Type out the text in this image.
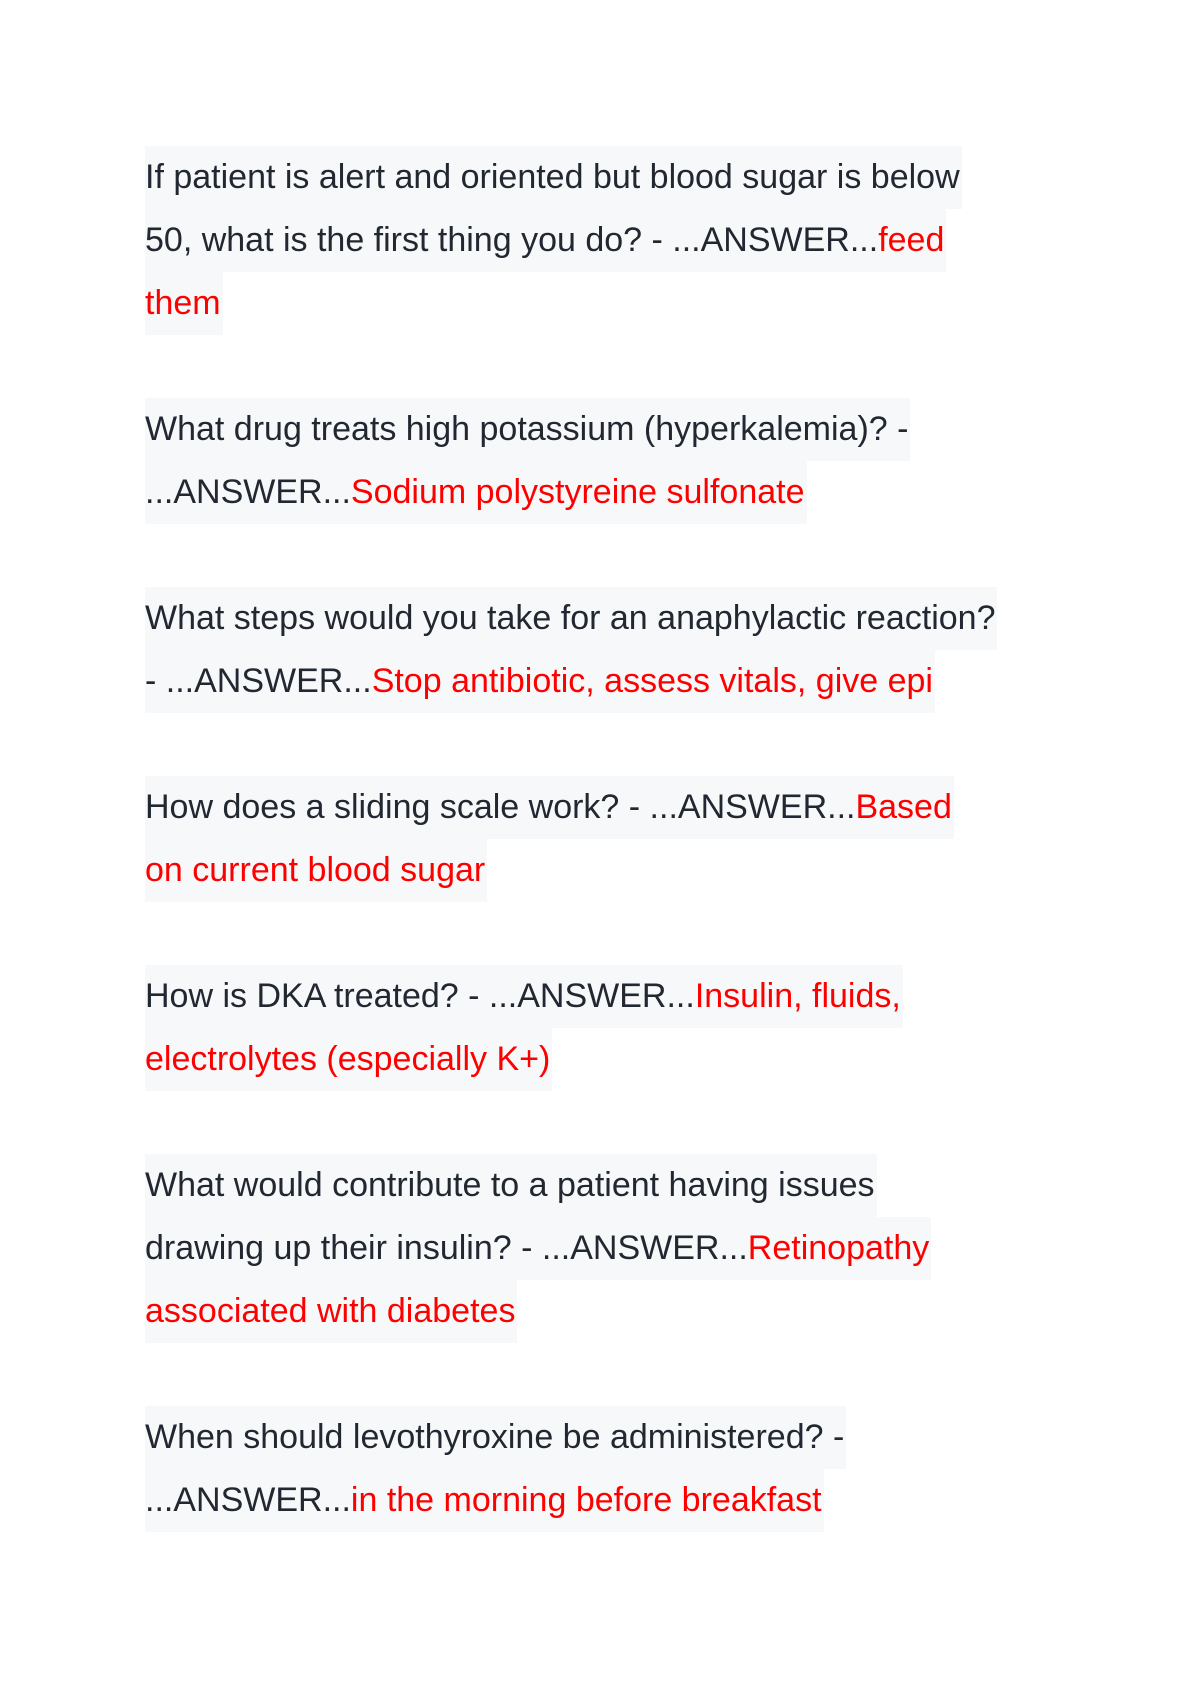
If patient is alert and oriented but blood sugar is below
50, what is the first thing you do? - ...ANSWER...feed
them
What drug treats high potassium (hyperkalemia)? -
...ANSWER...Sodium polystyreine sulfonate
What steps would you take for an anaphylactic reaction?
- ...ANSWER...Stop antibiotic, assess vitals, give epi
How does a sliding scale work? - ...ANSWER...Based
on current blood sugar
How is DKA treated? - ...ANSWER...Insulin, fluids,
electrolytes (especially K+)
What would contribute to a patient having issues
drawing up their insulin? - ...ANSWER...Retinopathy
associated with diabetes
When should levothyroxine be administered? -
...ANSWER...in the morning before breakfast
